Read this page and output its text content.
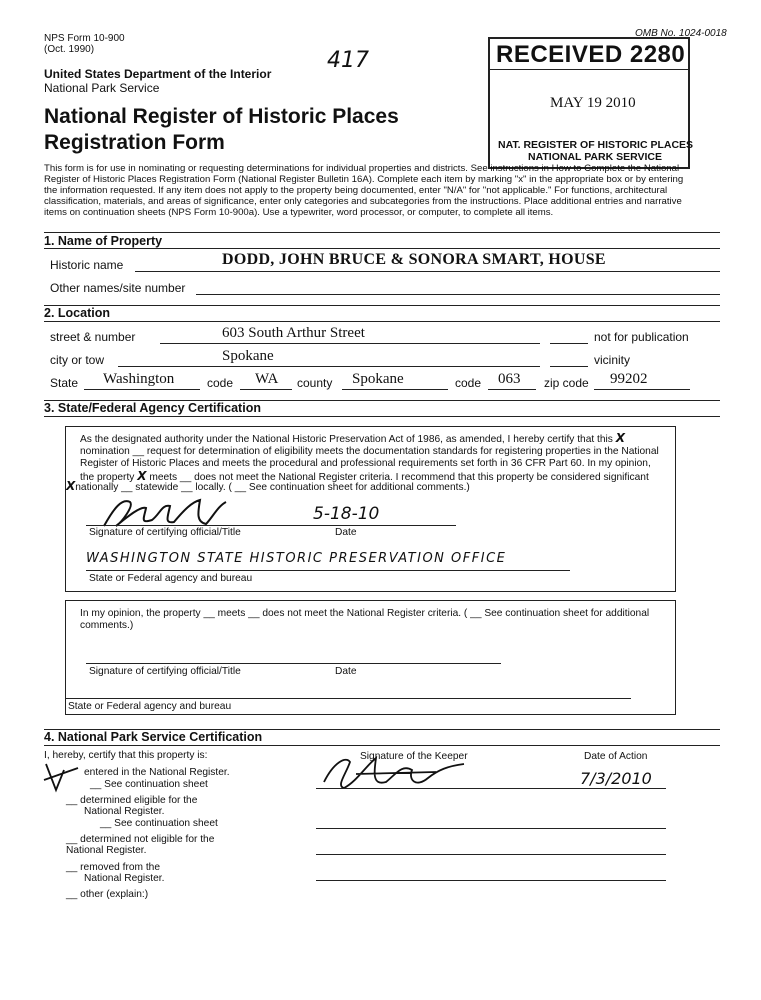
NPS Form 10-900
(Oct. 1990)
OMB No. 1024-0018
417
United States Department of the Interior
National Park Service
National Register of Historic Places
Registration Form
RECEIVED 2280
MAY 19 2010
NAT. REGISTER OF HISTORIC PLACES
NATIONAL PARK SERVICE
This form is for use in nominating or requesting determinations for individual properties and districts. See instructions in How to Complete the National
Register of Historic Places Registration Form (National Register Bulletin 16A). Complete each item by marking "x" in the appropriate box or by entering
the information requested. If any item does not apply to the property being documented, enter "N/A" for "not applicable." For functions, architectural
classification, materials, and areas of significance, enter only categories and subcategories from the instructions. Place additional entries and narrative
items on continuation sheets (NPS Form 10-900a). Use a typewriter, word processor, or computer, to complete all items.
1. Name of Property
Historic name	DODD, JOHN BRUCE & SONORA SMART, HOUSE
Other names/site number
2. Location
street & number	603 South Arthur Street	not for publication
city or tow	Spokane	vicinity
State Washington	code WA county Spokane	code 063 zip code 99202
3. State/Federal Agency Certification
As the designated authority under the National Historic Preservation Act of 1986, as amended, I hereby certify that this X
nomination __ request for determination of eligibility meets the documentation standards for registering properties in the National
Register of Historic Places and meets the procedural and professional requirements set forth in 36 CFR Part 60. In my opinion,
the property X meets __ does not meet the National Register criteria. I recommend that this property be considered significant
Xnationally __ statewide __ locally. ( __ See continuation sheet for additional comments.)
5-18-10
Signature of certifying official/Title	Date
WASHINGTON STATE HISTORIC PRESERVATION OFFICE
State or Federal agency and bureau
In my opinion, the property __ meets __ does not meet the National Register criteria. ( __ See continuation sheet for additional
comments.)
Signature of certifying official/Title	Date
State or Federal agency and bureau
4. National Park Service Certification
I, hereby, certify that this property is:	Signature of the Keeper	Date of Action
7/3/2010
entered in the National Register.
__ See continuation sheet
__ determined eligible for the
National Register.
__ See continuation sheet
__ determined not eligible for the
National Register.
__ removed from the
National Register.
__ other (explain:)
